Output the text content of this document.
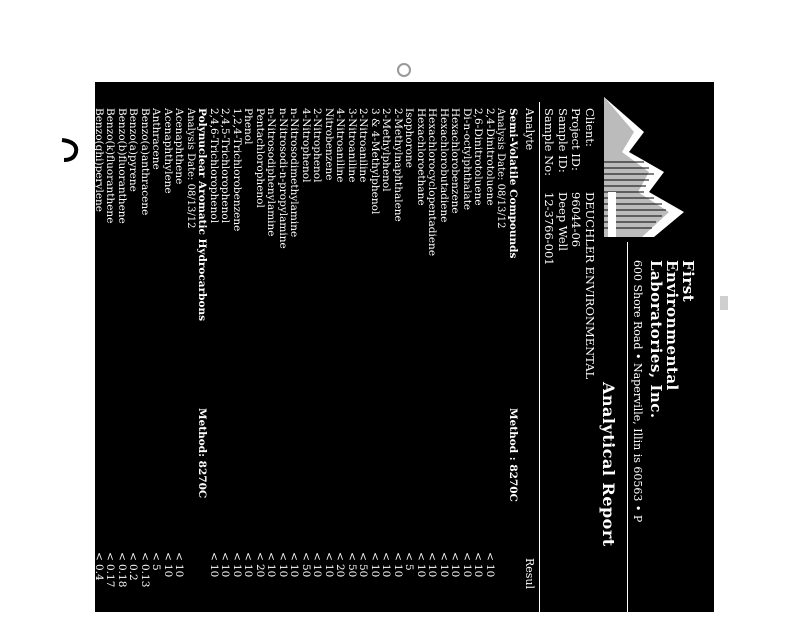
First
Environmental
Laboratories, Inc.
600 Shore Road • Naperville, Illin is 60563 • P
Analytical Report
Client:
DEUCHLER ENVIRONMENTAL
Project ID:
96044-06
Sample ID:
Deep Well
Sample No:
12-3766-001
Analyte
Resul
Semi-Volatile Compounds
Method : 8270C
Analysis Date: 08/13/12
2,4-Dinitrotoluene
<
10
2,6-Dinitrotoluene
<
10
Di-n-octylphthalate
<
10
Hexachlorobenzene
<
10
Hexachlorobutadiene
<
10
Hexachlorocyclopentadiene
<
10
Hexachloroethane
<
10
Isophorone
<
5
2-Methylnaphthalene
<
10
2-Methylphenol
<
10
3 & 4-Methylphenol
<
10
2-Nitroaniline
<
50
3-Nitroaniline
<
50
4-Nitroaniline
<
20
Nitrobenzene
<
10
2-Nitrophenol
<
10
4-Nitrophenol
<
50
n-Nitrosodimethylamine
<
10
n-Nitrosodi-n-propylamine
<
10
n-Nitrosodiphenylamine
<
10
Pentachlorophenol
<
20
Phenol
<
10
1,2,4-Trichlorobenzene
<
10
2,4,5-Trichlorophenol
<
10
2,4,6-Trichlorophenol
<
10
Polynuclear Aromatic Hydrocarbons
Method: 8270C
Analysis Date: 08/13/12
Acenaphthene
<
10
Acenaphthylene
<
10
Anthracene
<
5
Benzo(a)anthracene
<
0.13
Benzo(a)pyrene
<
0.2
Benzo(b)fluoranthene
<
0.18
Benzo(k)fluoranthene
<
0.17
Benzo(ghi)perylene
<
0.4
Chrysene
<
1.5
